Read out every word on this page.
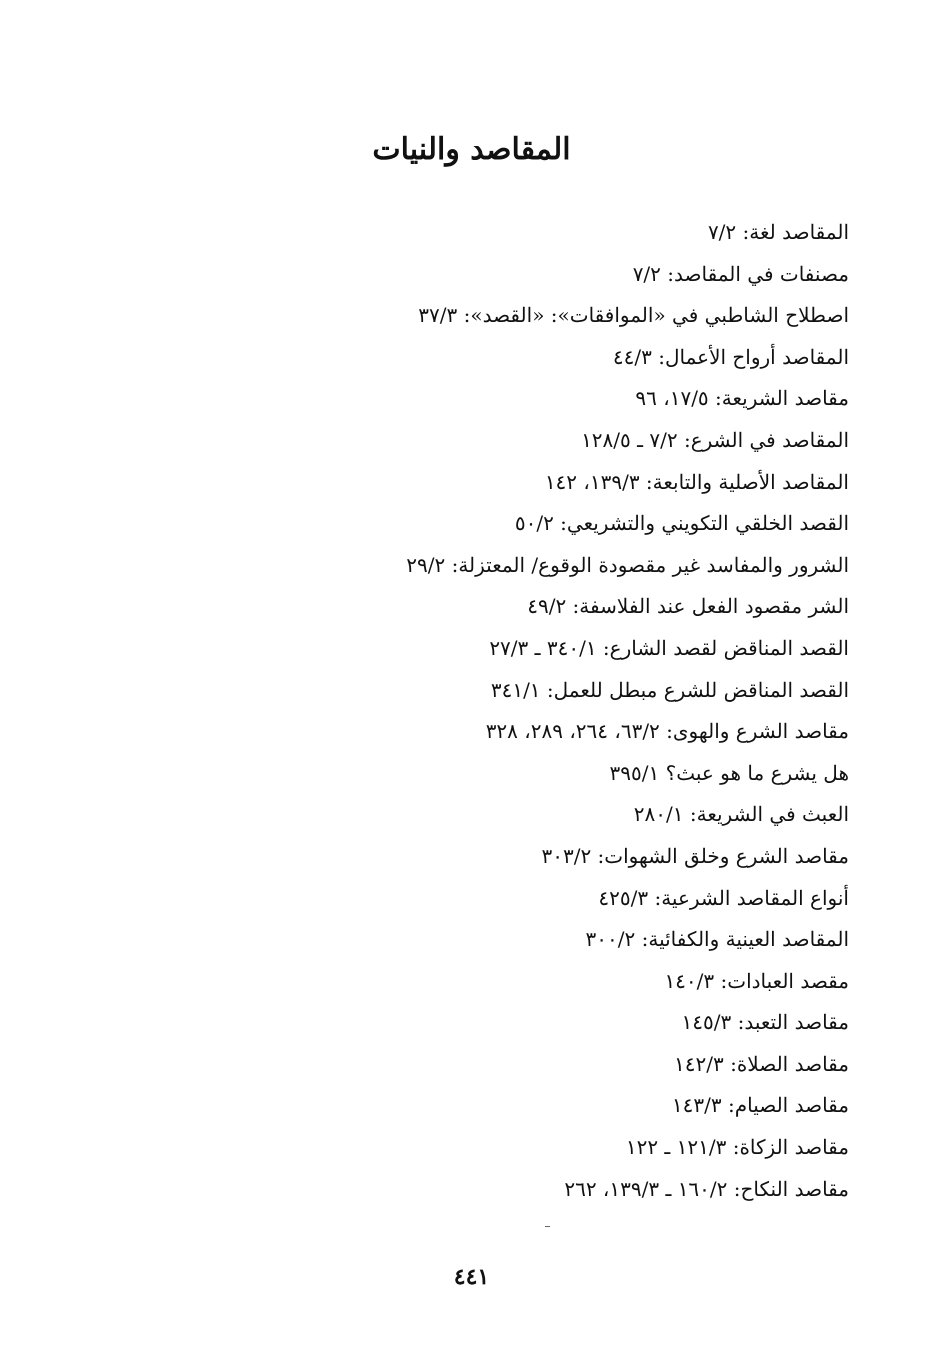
المقاصد والنيات
المقاصد لغة: ٧/٢
مصنفات في المقاصد: ٧/٢
اصطلاح الشاطبي في «الموافقات»: «القصد»: ٣٧/٣
المقاصد أرواح الأعمال: ٤٤/٣
مقاصد الشريعة: ١٧/٥، ٩٦
المقاصد في الشرع: ٧/٢ ـ ١٢٨/٥
المقاصد الأصلية والتابعة: ١٣٩/٣، ١٤٢
القصد الخلقي التكويني والتشريعي: ٥٠/٢
الشرور والمفاسد غير مقصودة الوقوع/ المعتزلة: ٢٩/٢
الشر مقصود الفعل عند الفلاسفة: ٤٩/٢
القصد المناقض لقصد الشارع: ٣٤٠/١ ـ ٢٧/٣
القصد المناقض للشرع مبطل للعمل: ٣٤١/١
مقاصد الشرع والهوى: ٦٣/٢، ٢٦٤، ٢٨٩، ٣٢٨
هل يشرع ما هو عبث؟ ٣٩٥/١
العبث في الشريعة: ٢٨٠/١
مقاصد الشرع وخلق الشهوات: ٣٠٣/٢
أنواع المقاصد الشرعية: ٤٢٥/٣
المقاصد العينية والكفائية: ٣٠٠/٢
مقصد العبادات: ١٤٠/٣
مقاصد التعبد: ١٤٥/٣
مقاصد الصلاة: ١٤٢/٣
مقاصد الصيام: ١٤٣/٣
مقاصد الزكاة: ١٢١/٣ ـ ١٢٢
مقاصد النكاح: ١٦٠/٢ ـ ١٣٩/٣، ٢٦٢
٤٤١
